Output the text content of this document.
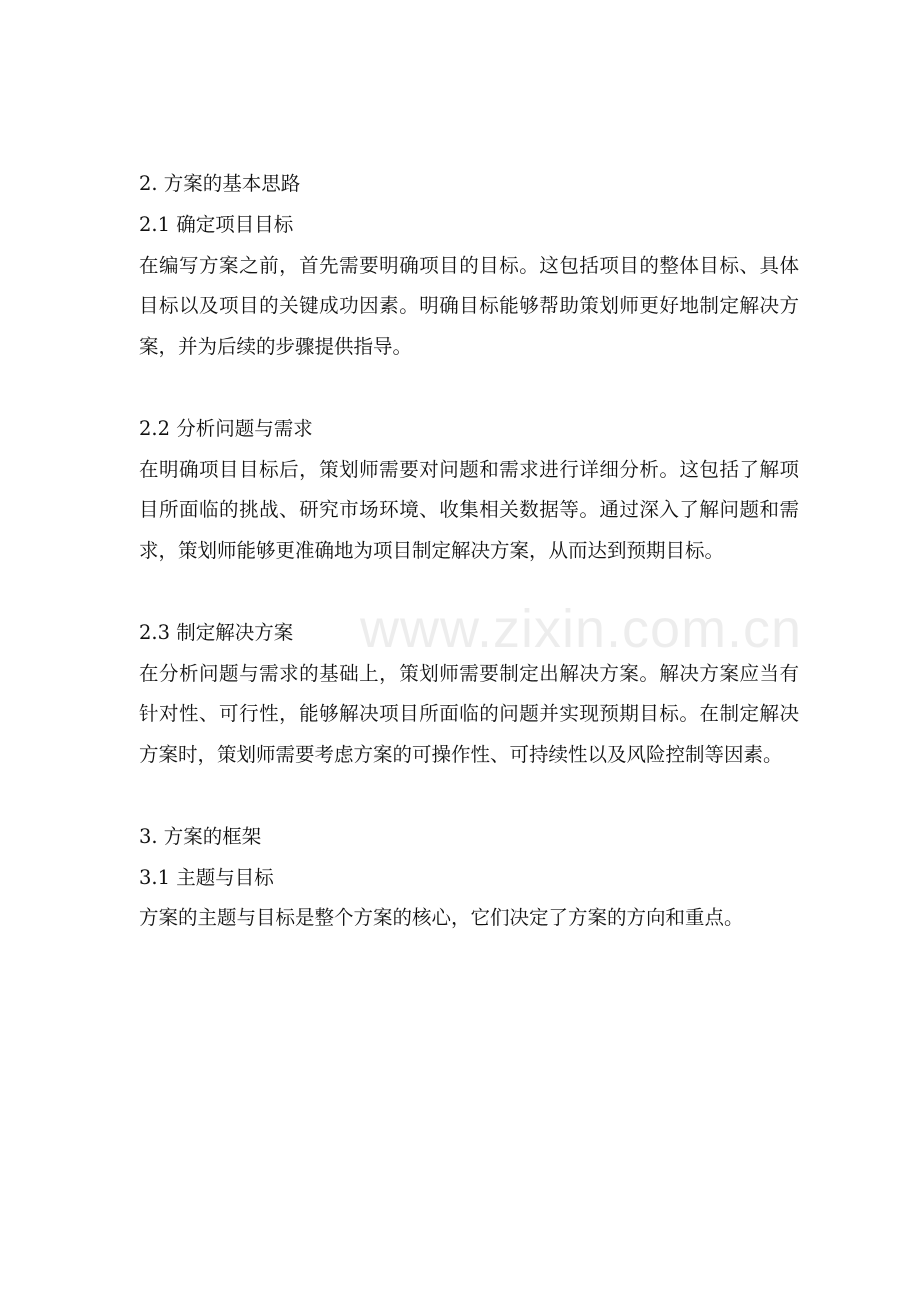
www.zixin.com.cn

2. 方案的基本思路

2.1 确定项目目标

在编写方案之前，首先需要明确项目的目标。这包括项目的整体目标、具体目标以及项目的关键成功因素。明确目标能够帮助策划师更好地制定解决方案，并为后续的步骤提供指导。

2.2 分析问题与需求

在明确项目目标后，策划师需要对问题和需求进行详细分析。这包括了解项目所面临的挑战、研究市场环境、收集相关数据等。通过深入了解问题和需求，策划师能够更准确地为项目制定解决方案，从而达到预期目标。

2.3 制定解决方案

在分析问题与需求的基础上，策划师需要制定出解决方案。解决方案应当有针对性、可行性，能够解决项目所面临的问题并实现预期目标。在制定解决方案时，策划师需要考虑方案的可操作性、可持续性以及风险控制等因素。

3. 方案的框架

3.1 主题与目标

方案的主题与目标是整个方案的核心，它们决定了方案的方向和重点。
